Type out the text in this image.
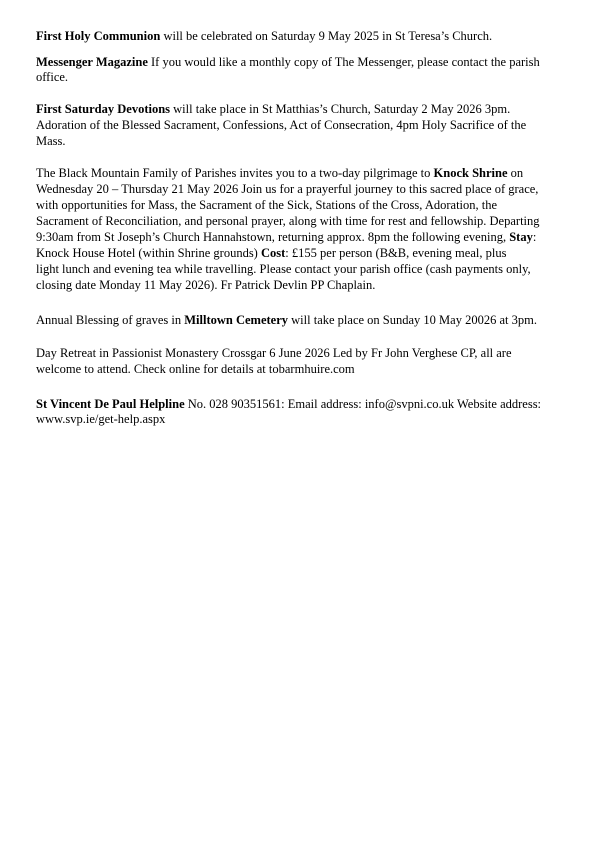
First Holy Communion will be celebrated on Saturday 9 May 2025 in St Teresa’s Church.

Messenger Magazine If you would like a monthly copy of The Messenger, please contact the parish

office.

First Saturday Devotions will take place in St Matthias’s Church, Saturday 2 May 2026 3pm.

Adoration of the Blessed Sacrament, Confessions, Act of Consecration, 4pm Holy Sacrifice of the

Mass.

The Black Mountain Family of Parishes invites you to a two-day pilgrimage to Knock Shrine on

Wednesday 20 – Thursday 21 May 2026 Join us for a prayerful journey to this sacred place of grace,

with opportunities for Mass, the Sacrament of the Sick, Stations of the Cross, Adoration, the

Sacrament of Reconciliation, and personal prayer, along with time for rest and fellowship. Departing

9:30am from St Joseph’s Church Hannahstown, returning approx. 8pm the following evening, Stay:

Knock House Hotel (within Shrine grounds) Cost: £155 per person (B&B, evening meal, plus

light lunch and evening tea while travelling. Please contact your parish office (cash payments only,

closing date Monday 11 May 2026). Fr Patrick Devlin PP Chaplain.

Annual Blessing of graves in Milltown Cemetery will take place on Sunday 10 May 20026 at 3pm.

Day Retreat in Passionist Monastery Crossgar 6 June 2026 Led by Fr John Verghese CP, all are

welcome to attend. Check online for details at tobarmhuire.com

St Vincent De Paul Helpline No. 028 90351561: Email address: info@svpni.co.uk Website address:

www.svp.ie/get-help.aspx
